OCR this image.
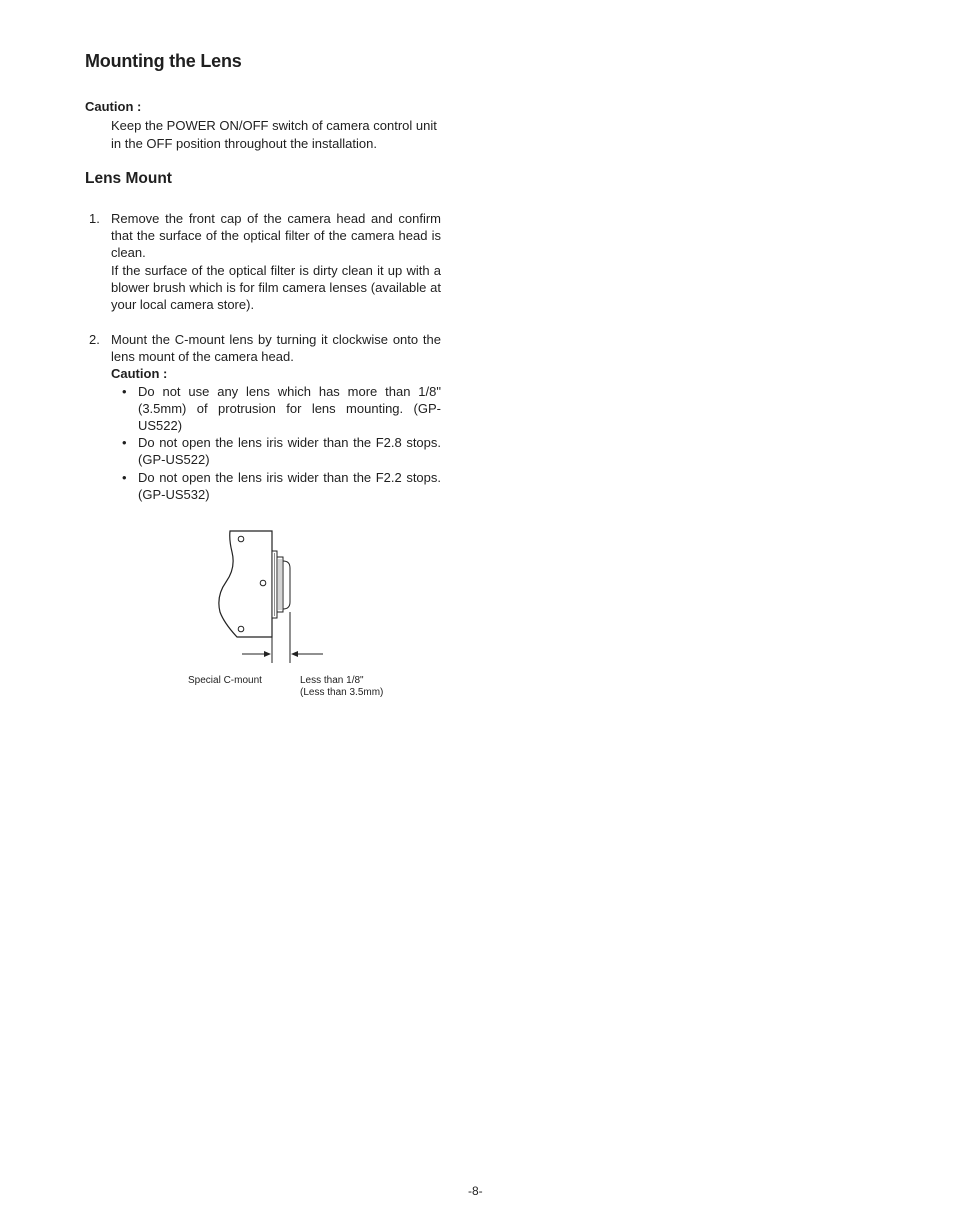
Mounting the Lens
Caution :

Keep the POWER ON/OFF switch of camera control unit in the OFF position throughout the installation.

Lens Mount
1. Remove the front cap of the camera head and confirm that the surface of the optical filter of the camera head is clean.

If the surface of the optical filter is dirty clean it up with a blower brush which is for film camera lenses (available at your local camera store).

2. Mount the C-mount lens by turning it clockwise onto the lens mount of the camera head.

Caution :

• Do not use any lens which has more than 1/8" (3.5mm) of protrusion for lens mounting. (GP-US522)
• Do not open the lens iris wider than the F2.8 stops. (GP-US522)
• Do not open the lens iris wider than the F2.2 stops. (GP-US532)
Special C-mount	Less than 1/8"
(Less than 3.5mm)
-8-
